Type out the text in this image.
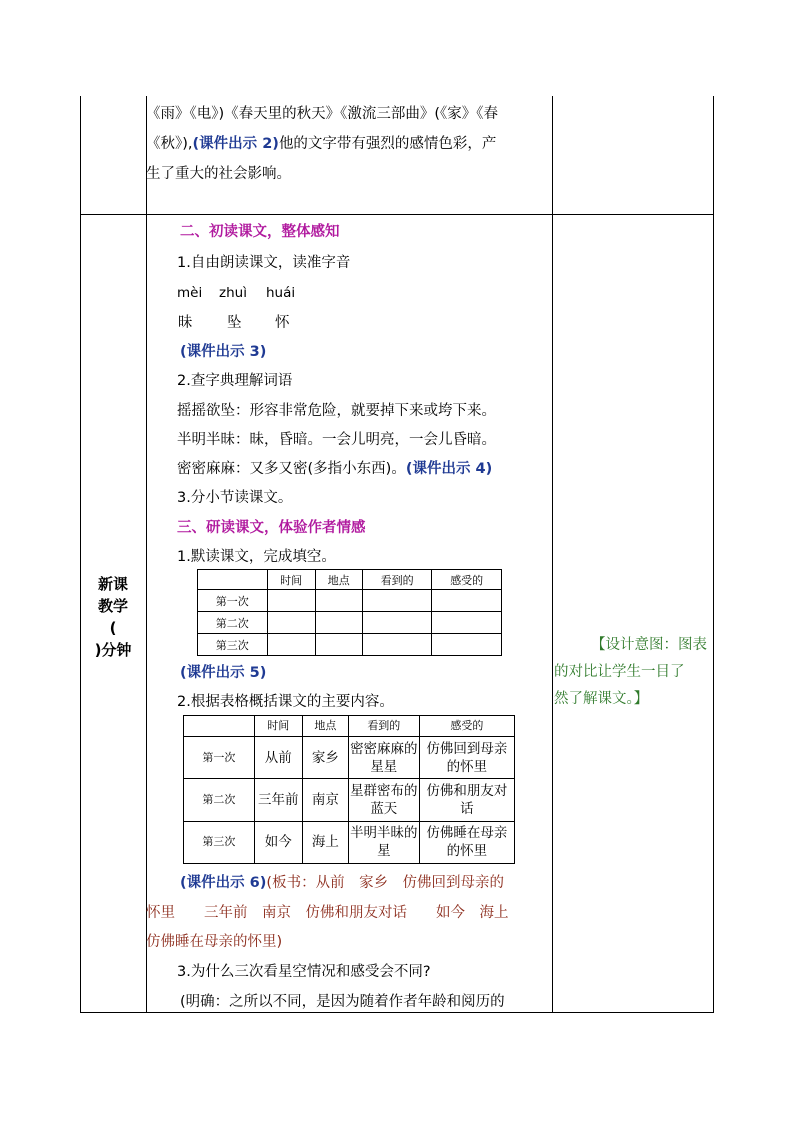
《雨》《电》)《春天里的秋天》《激流三部曲》(《家》《春
《秋》),(课件出示 2)他的文字带有强烈的感情色彩，产
生了重大的社会影响。
新课
教学
(
)分钟
二、初读课文，整体感知
1.自由朗读课文，读准字音
mèi zhuì huái
昧 坠 怀
(课件出示 3)
2.查字典理解词语
摇摇欲坠：形容非常危险，就要掉下来或垮下来。
半明半昧：昧，昏暗。一会儿明亮，一会儿昏暗。
密密麻麻：又多又密(多指小东西)。(课件出示 4)
3.分小节读课文。
三、研读课文，体验作者情感
1.默读课文，完成填空。
	时间	地点	看到的	感受的
第一次				
第二次				
第三次				
(课件出示 5)
2.根据表格概括课文的主要内容。
	时间	地点	看到的	感受的
第一次	从前	家乡	密密麻麻的星星	仿佛回到母亲的怀里
第二次	三年前	南京	星群密布的蓝天	仿佛和朋友对话
第三次	如今	海上	半明半昧的星	仿佛睡在母亲的怀里
(课件出示 6)(板书：从前　家乡　仿佛回到母亲的
怀里　　三年前　南京　仿佛和朋友对话　　如今　海上
仿佛睡在母亲的怀里)
3.为什么三次看星空情况和感受会不同?
(明确：之所以不同，是因为随着作者年龄和阅历的
【设计意图：图表
的对比让学生一目了
然了解课文。】
